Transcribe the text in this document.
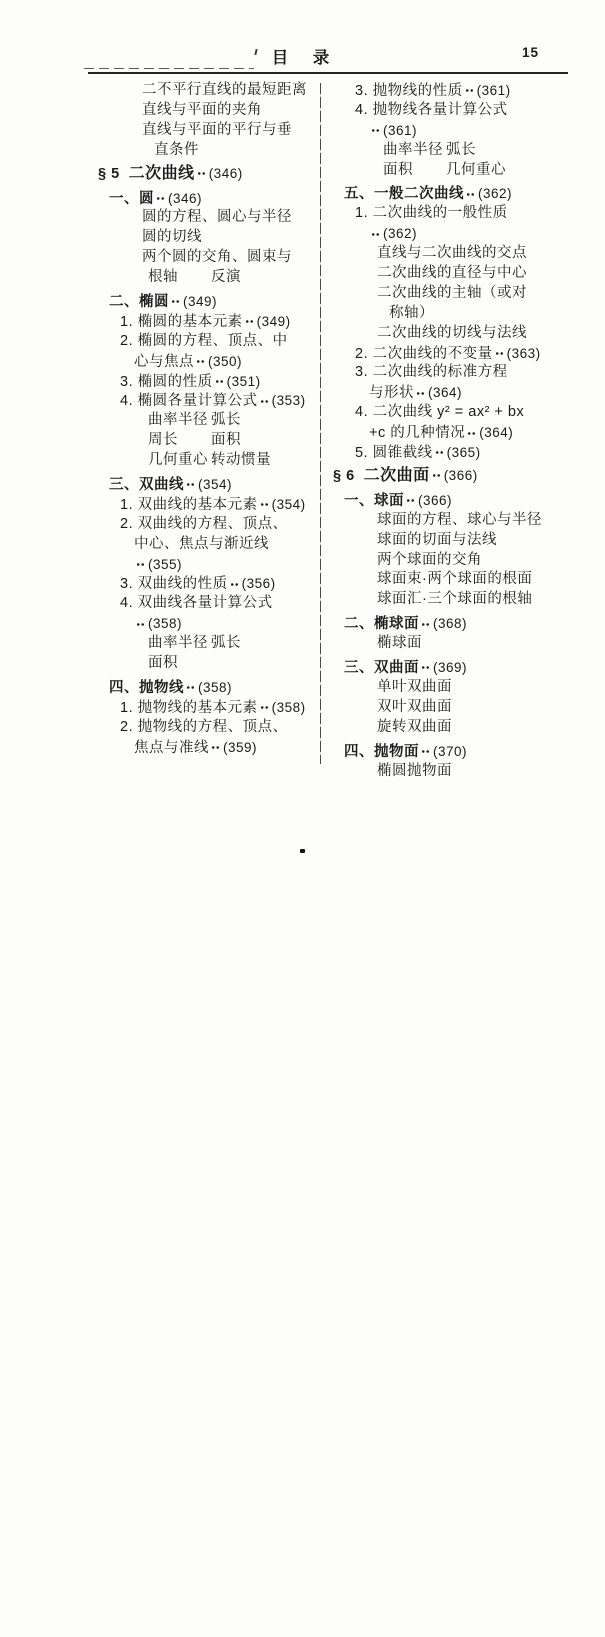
目　录	15
二不平行直线的最短距离
直线与平面的夹角
直线与平面的平行与垂
直条件
§ 5 二次曲线 (346)
一、 圆 (346)
圆的方程、圆心与半径
圆的切线
两个圆的交角、圆束与
根轴	反演
二、 椭圆 (349)
1. 椭圆的基本元素 (349)
2. 椭圆的方程、顶点、中
心与焦点 (350)
3. 椭圆的性质 (351)
4. 椭圆各量计算公式 (353)
曲率半径 弧长
周长	面积
几何重心 转动惯量
三、 双曲线 (354)
1. 双曲线的基本元素 (354)
2. 双曲线的方程、顶点、
中心、焦点与渐近线
(355)
3. 双曲线的性质 (356)
4. 双曲线各量计算公式
(358)
曲率半径 弧长
面积
四、 抛物线 (358)
1. 抛物线的基本元素 (358)
2. 抛物线的方程、顶点、
焦点与准线 (359)
3. 抛物线的性质 (361)
4. 抛物线各量计算公式
(361)
曲率半径 弧长
面积	几何重心
五、 一般二次曲线 (362)
1. 二次曲线的一般性质
(362)
直线与二次曲线的交点
二次曲线的直径与中心
二次曲线的主轴（或对
称轴）
二次曲线的切线与法线
2. 二次曲线的不变量 (363)
3. 二次曲线的标准方程
与形状 (364)
4. 二次曲线 y² = ax² + bx
+c 的几种情况 (364)
5. 圆锥截线 (365)
§ 6 二次曲面 (366)
一、 球面 (366)
球面的方程、球心与半径
球面的切面与法线
两个球面的交角
球面束·两个球面的根面
球面汇·三个球面的根轴
二、 椭球面 (368)
椭球面
三、 双曲面 (369)
单叶双曲面
双叶双曲面
旋转双曲面
四、 抛物面 (370)
椭圆抛物面
